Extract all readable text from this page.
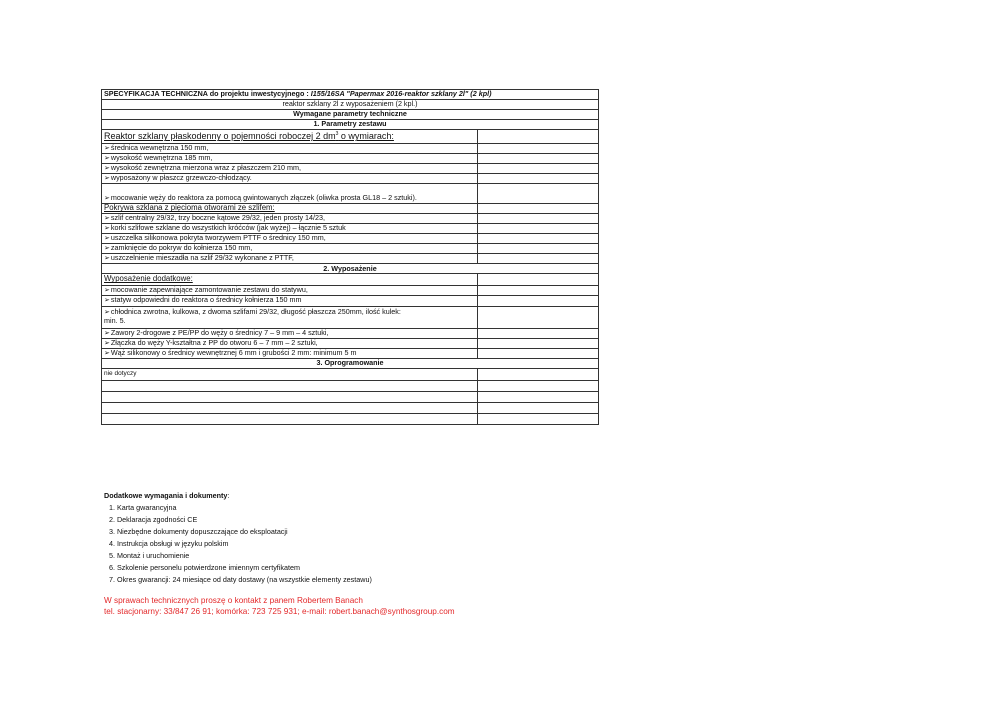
SPECYFIKACJA TECHNICZNA do projektu inwestycyjnego : I155/16SA "Papermax 2016-reaktor szklany 2l" (2 kpl)	
reaktor szklany 2l z wyposażeniem (2 kpl.)	
Wymagane parametry techniczne	
1. Parametry zestawu	
Reaktor szklany płaskodenny o pojemności roboczej 2 $dm^3$ o wymiarach:	
➢ średnica wewnętrzna 150 mm,	
➢ wysokość wewnętrzna 185 mm,	
➢ wysokość zewnętrzna mierzona wraz z płaszczem 210 mm,	
➢ wyposażony w płaszcz grzewczo-chłodzący.	
➢ mocowanie węży do reaktora za pomocą gwintowanych złączek (oliwka prosta GL18 – 2 sztuki).	
Pokrywa szklana z pięcioma otworami ze szlifem:	
➢ szlif centralny 29/32, trzy boczne kątowe 29/32, jeden prosty 14/23,	
➢ korki szlifowe szklane do wszystkich króćców (jak wyżej) – łącznie 5 sztuk	
➢ uszczelka silikonowa pokryta tworzywem PTTF o średnicy 150 mm,	
➢ zamknięcie do pokryw do kołnierza 150 mm,	
➢ uszczelnienie mieszadła na szlif 29/32 wykonane z PTTF,	
2. Wyposażenie	
Wyposażenie dodatkowe:	
➢ mocowanie zapewniające zamontowanie zestawu do statywu,	
➢ statyw odpowiedni do reaktora o średnicy kołnierza 150 mm	
➢ chłodnica zwrotna, kulkowa, z dwoma szlifami 29/32, długość płaszcza 250mm, ilość kulek:
min. 5.	
➢ Zawory 2-drogowe z PE/PP do węży o średnicy 7 – 9 mm – 4 sztuki,	
➢ Złączka do węży Y-kształtna z PP do otworu 6 – 7 mm – 2 sztuki,	
➢ Wąż silikonowy o średnicy wewnętrznej 6 mm i grubości 2 mm: minimum 5 m	
3. Oprogramowanie	
nie dotyczy	

Dodatkowe wymagania i dokumenty:
1. Karta gwarancyjna
2. Deklaracja zgodności CE
3. Niezbędne dokumenty dopuszczające do eksploatacji
4. Instrukcja obsługi w języku polskim
5. Montaż i uruchomienie
6. Szkolenie personelu potwierdzone imiennym certyfikatem
7. Okres gwarancji: 24 miesiące od daty dostawy (na wszystkie elementy zestawu)
W sprawach technicznych proszę o kontakt z panem Robertem Banach
tel. stacjonarny: 33/847 26 91; komórka: 723 725 931; e-mail: robert.banach@synthosgroup.com
